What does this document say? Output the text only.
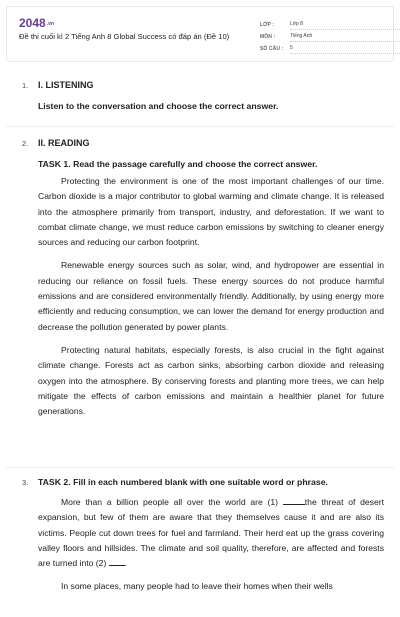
2048.vn
Đề thi cuối kì 2 Tiếng Anh 8 Global Success có đáp án (Đề 10)
LỚP :	Lớp 8
MÔN :	Tiếng Anh
SỐ CÂU :	5
1. I. LISTENING
Listen to the conversation and choose the correct answer.
2. II. READING
TASK 1. Read the passage carefully and choose the correct answer.

Protecting the environment is one of the most important challenges of our time. Carbon dioxide is a major contributor to global warming and climate change. It is released into the atmosphere primarily from transport, industry, and deforestation. If we want to combat climate change, we must reduce carbon emissions by switching to cleaner energy sources and reducing our carbon footprint.

Renewable energy sources such as solar, wind, and hydropower are essential in reducing our reliance on fossil fuels. These energy sources do not produce harmful emissions and are considered environmentally friendly. Additionally, by using energy more efficiently and reducing consumption, we can lower the demand for energy production and decrease the pollution generated by power plants.

Protecting natural habitats, especially forests, is also crucial in the fight against climate change. Forests act as carbon sinks, absorbing carbon dioxide and releasing oxygen into the atmosphere. By conserving forests and planting more trees, we can help mitigate the effects of carbon emissions and maintain a healthier planet for future generations.

3. TASK 2. Fill in each numbered blank with one suitable word or phrase.

More than a billion people all over the world are (1)	the threat of desert expansion, but few of them are aware that they themselves cause it and are also its victims. People cut down trees for fuel and farmland. Their herd eat up the grass covering valley floors and hillsides. The climate and soil quality, therefore, are affected and forests are turned into (2) .

In some places, many people had to leave their homes when their wells
